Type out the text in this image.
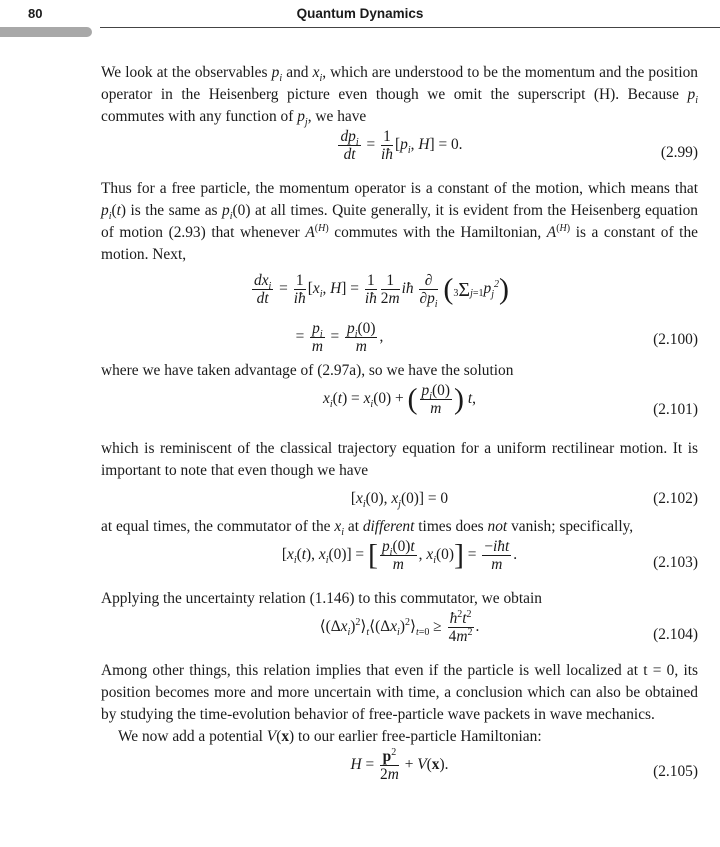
80	Quantum Dynamics

We look at the observables $p_i$ and $x_i$, which are understood to be the momentum and the position operator in the Heisenberg picture even though we omit the superscript (H). Because $p_i$ commutes with any function of $p_j$, we have

$\frac{dp_i}{dt} = \frac{1}{iħ} [p_i$, H] = 0.	(2.99)

Thus for a free particle, the momentum operator is a constant of the motion, which means that $p_i(t)$ is the same as $p_i(0)$ at all times. Quite generally, it is evident from the Heisenberg equation of motion (2.93) that whenever $A^{(H)}$ commutes with the Hamiltonian, $A^{(H)}$ is a constant of the motion. Next,

$\frac{dx_i}{dt} = \frac{1}{iħ} [x_i$, $H] = \frac{1}{iħ} \frac{1}{2m}$ iħ $\frac{\partial}{\partial p_i} (3\Sigma j=1p_j^2)$
= $\frac{p_i}{m} = \frac{p_i(0)}{m}$ ,	(2.100)

where we have taken advantage of (2.97a), so we have the solution

$x_i(t) = x_i(0)$ + ( $\frac{p_i(0)}{m}$ ) t,
(2.101)

which is reminiscent of the classical trajectory equation for a uniform rectilinear motion. It is important to note that even though we have

[$x_i(0)$, $x_j(0)] = 0$	(2.102)

at equal times, the commutator of the $x_i$ at different times does not vanish; specifically,

[$x_i(t)$, $x_i(0)$] = [ $\frac{p_i(0)t}{m}$ , $x_i(0)] = \frac{\text{−iħt}}{m}$ .	(2.103)

Applying the uncertainty relation (1.146) to this commutator, we obtain

$⟨(\Delta x_i)^2⟩_t⟨(\Delta x_i)^2⟩_{t=0} \ge \frac{ħ^2t^2}{4m^2}$ .	(2.104)

Among other things, this relation implies that even if the particle is well localized at t = 0, its position becomes more and more uncertain with time, a conclusion which can also be obtained by studying the time-evolution behavior of free-particle wave packets in wave mechanics.

We now add a potential V(x) to our earlier free-particle Hamiltonian:

$H = \frac{p^2}{2m} + V(x)$.	(2.105)
